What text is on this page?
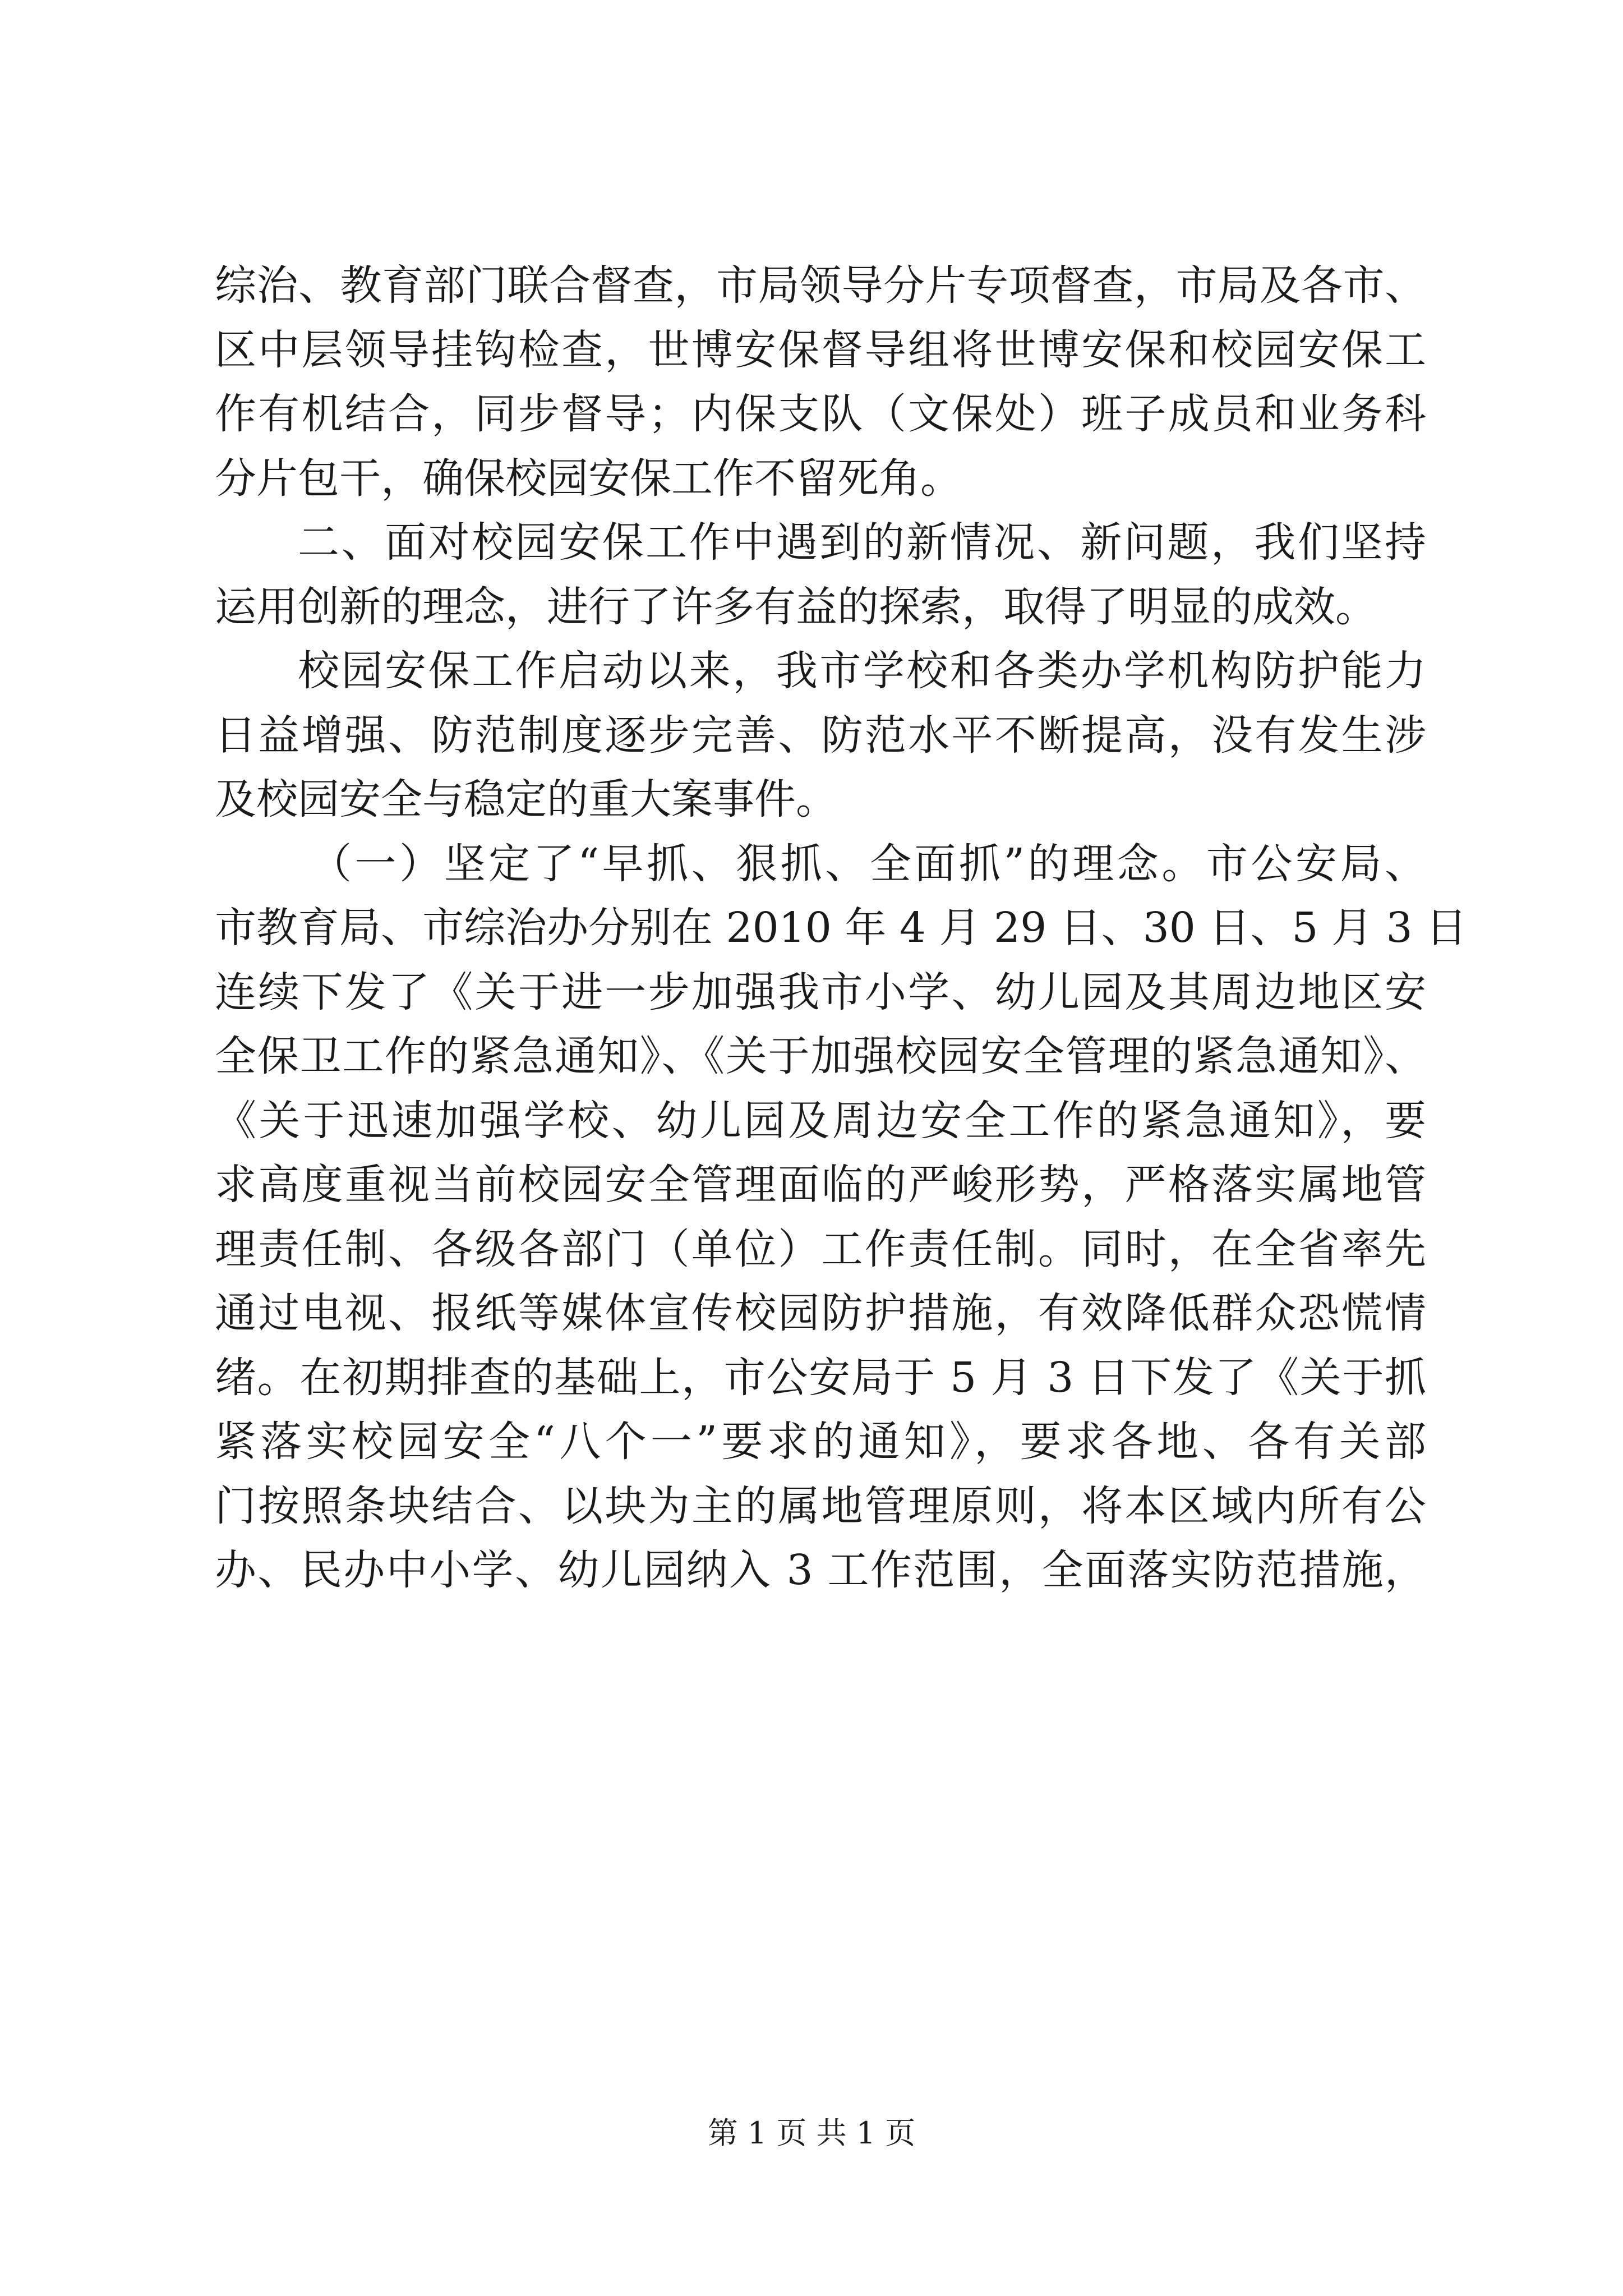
综治、教育部门联合督查，市局领导分片专项督查，市局及各市、
区中层领导挂钩检查，世博安保督导组将世博安保和校园安保工
作有机结合，同步督导；内保支队（文保处）班子成员和业务科
分片包干，确保校园安保工作不留死角。
二、面对校园安保工作中遇到的新情况、新问题，我们坚持
运用创新的理念，进行了许多有益的探索，取得了明显的成效。
校园安保工作启动以来，我市学校和各类办学机构防护能力
日益增强、防范制度逐步完善、防范水平不断提高，没有发生涉
及校园安全与稳定的重大案事件。
（一）坚定了“早抓、狠抓、全面抓”的理念。市公安局、
市教育局、市综治办分别在 2010 年 4 月 29 日、30 日、5 月 3 日
连续下发了《关于进一步加强我市小学、幼儿园及其周边地区安
全保卫工作的紧急通知》、《关于加强校园安全管理的紧急通知》、
《关于迅速加强学校、幼儿园及周边安全工作的紧急通知》，要
求高度重视当前校园安全管理面临的严峻形势，严格落实属地管
理责任制、各级各部门（单位）工作责任制。同时，在全省率先
通过电视、报纸等媒体宣传校园防护措施，有效降低群众恐慌情
绪。在初期排查的基础上，市公安局于 5 月 3 日下发了《关于抓
紧落实校园安全“八个一”要求的通知》，要求各地、各有关部
门按照条块结合、以块为主的属地管理原则，将本区域内所有公
办、民办中小学、幼儿园纳入 3 工作范围，全面落实防范措施，
第 1 页 共 1 页
